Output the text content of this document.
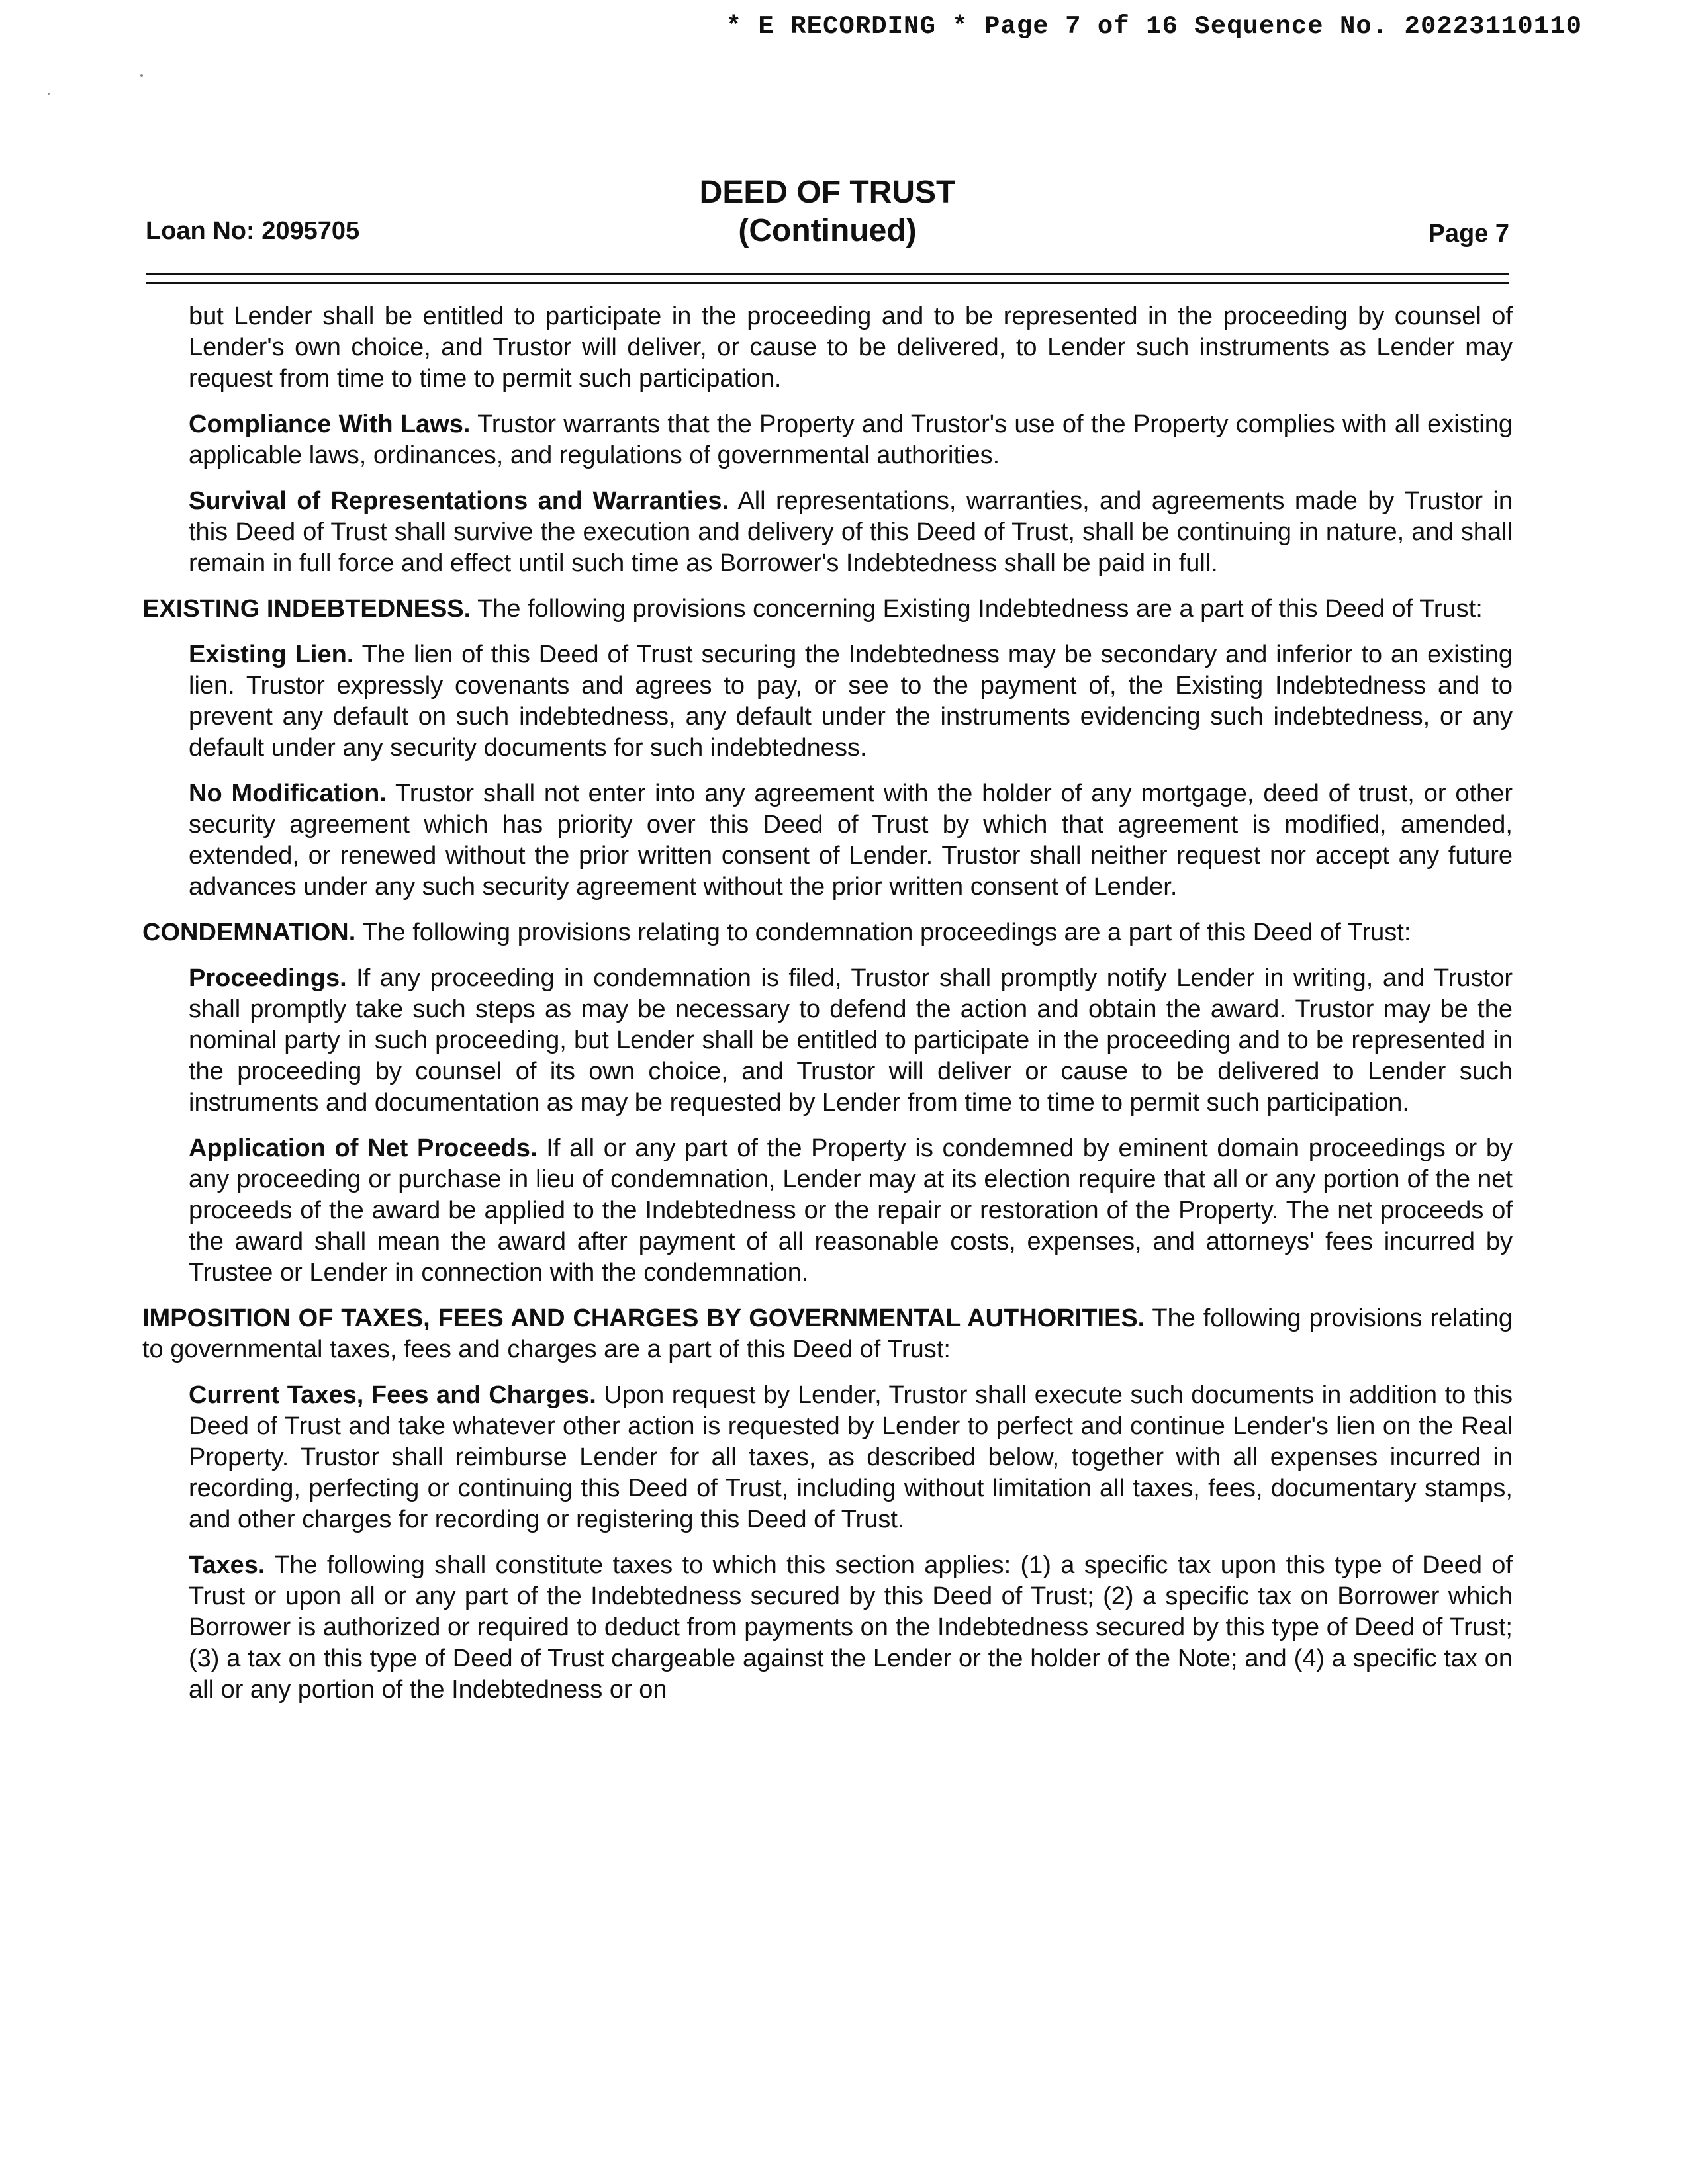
* E RECORDING * Page 7 of 16 Sequence No. 20223110110
DEED OF TRUST
(Continued)
Loan No: 2095705	Page 7

but Lender shall be entitled to participate in the proceeding and to be represented in the proceeding by counsel of Lender's own choice, and Trustor will deliver, or cause to be delivered, to Lender such instruments as Lender may request from time to time to permit such participation.

Compliance With Laws. Trustor warrants that the Property and Trustor's use of the Property complies with all existing applicable laws, ordinances, and regulations of governmental authorities.

Survival of Representations and Warranties. All representations, warranties, and agreements made by Trustor in this Deed of Trust shall survive the execution and delivery of this Deed of Trust, shall be continuing in nature, and shall remain in full force and effect until such time as Borrower's Indebtedness shall be paid in full.

EXISTING INDEBTEDNESS. The following provisions concerning Existing Indebtedness are a part of this Deed of Trust:

Existing Lien. The lien of this Deed of Trust securing the Indebtedness may be secondary and inferior to an existing lien. Trustor expressly covenants and agrees to pay, or see to the payment of, the Existing Indebtedness and to prevent any default on such indebtedness, any default under the instruments evidencing such indebtedness, or any default under any security documents for such indebtedness.

No Modification. Trustor shall not enter into any agreement with the holder of any mortgage, deed of trust, or other security agreement which has priority over this Deed of Trust by which that agreement is modified, amended, extended, or renewed without the prior written consent of Lender. Trustor shall neither request nor accept any future advances under any such security agreement without the prior written consent of Lender.

CONDEMNATION. The following provisions relating to condemnation proceedings are a part of this Deed of Trust:

Proceedings. If any proceeding in condemnation is filed, Trustor shall promptly notify Lender in writing, and Trustor shall promptly take such steps as may be necessary to defend the action and obtain the award. Trustor may be the nominal party in such proceeding, but Lender shall be entitled to participate in the proceeding and to be represented in the proceeding by counsel of its own choice, and Trustor will deliver or cause to be delivered to Lender such instruments and documentation as may be requested by Lender from time to time to permit such participation.

Application of Net Proceeds. If all or any part of the Property is condemned by eminent domain proceedings or by any proceeding or purchase in lieu of condemnation, Lender may at its election require that all or any portion of the net proceeds of the award be applied to the Indebtedness or the repair or restoration of the Property. The net proceeds of the award shall mean the award after payment of all reasonable costs, expenses, and attorneys' fees incurred by Trustee or Lender in connection with the condemnation.

IMPOSITION OF TAXES, FEES AND CHARGES BY GOVERNMENTAL AUTHORITIES. The following provisions relating to governmental taxes, fees and charges are a part of this Deed of Trust:

Current Taxes, Fees and Charges. Upon request by Lender, Trustor shall execute such documents in addition to this Deed of Trust and take whatever other action is requested by Lender to perfect and continue Lender's lien on the Real Property. Trustor shall reimburse Lender for all taxes, as described below, together with all expenses incurred in recording, perfecting or continuing this Deed of Trust, including without limitation all taxes, fees, documentary stamps, and other charges for recording or registering this Deed of Trust.

Taxes. The following shall constitute taxes to which this section applies: (1) a specific tax upon this type of Deed of Trust or upon all or any part of the Indebtedness secured by this Deed of Trust; (2) a specific tax on Borrower which Borrower is authorized or required to deduct from payments on the Indebtedness secured by this type of Deed of Trust; (3) a tax on this type of Deed of Trust chargeable against the Lender or the holder of the Note; and (4) a specific tax on all or any portion of the Indebtedness or on
